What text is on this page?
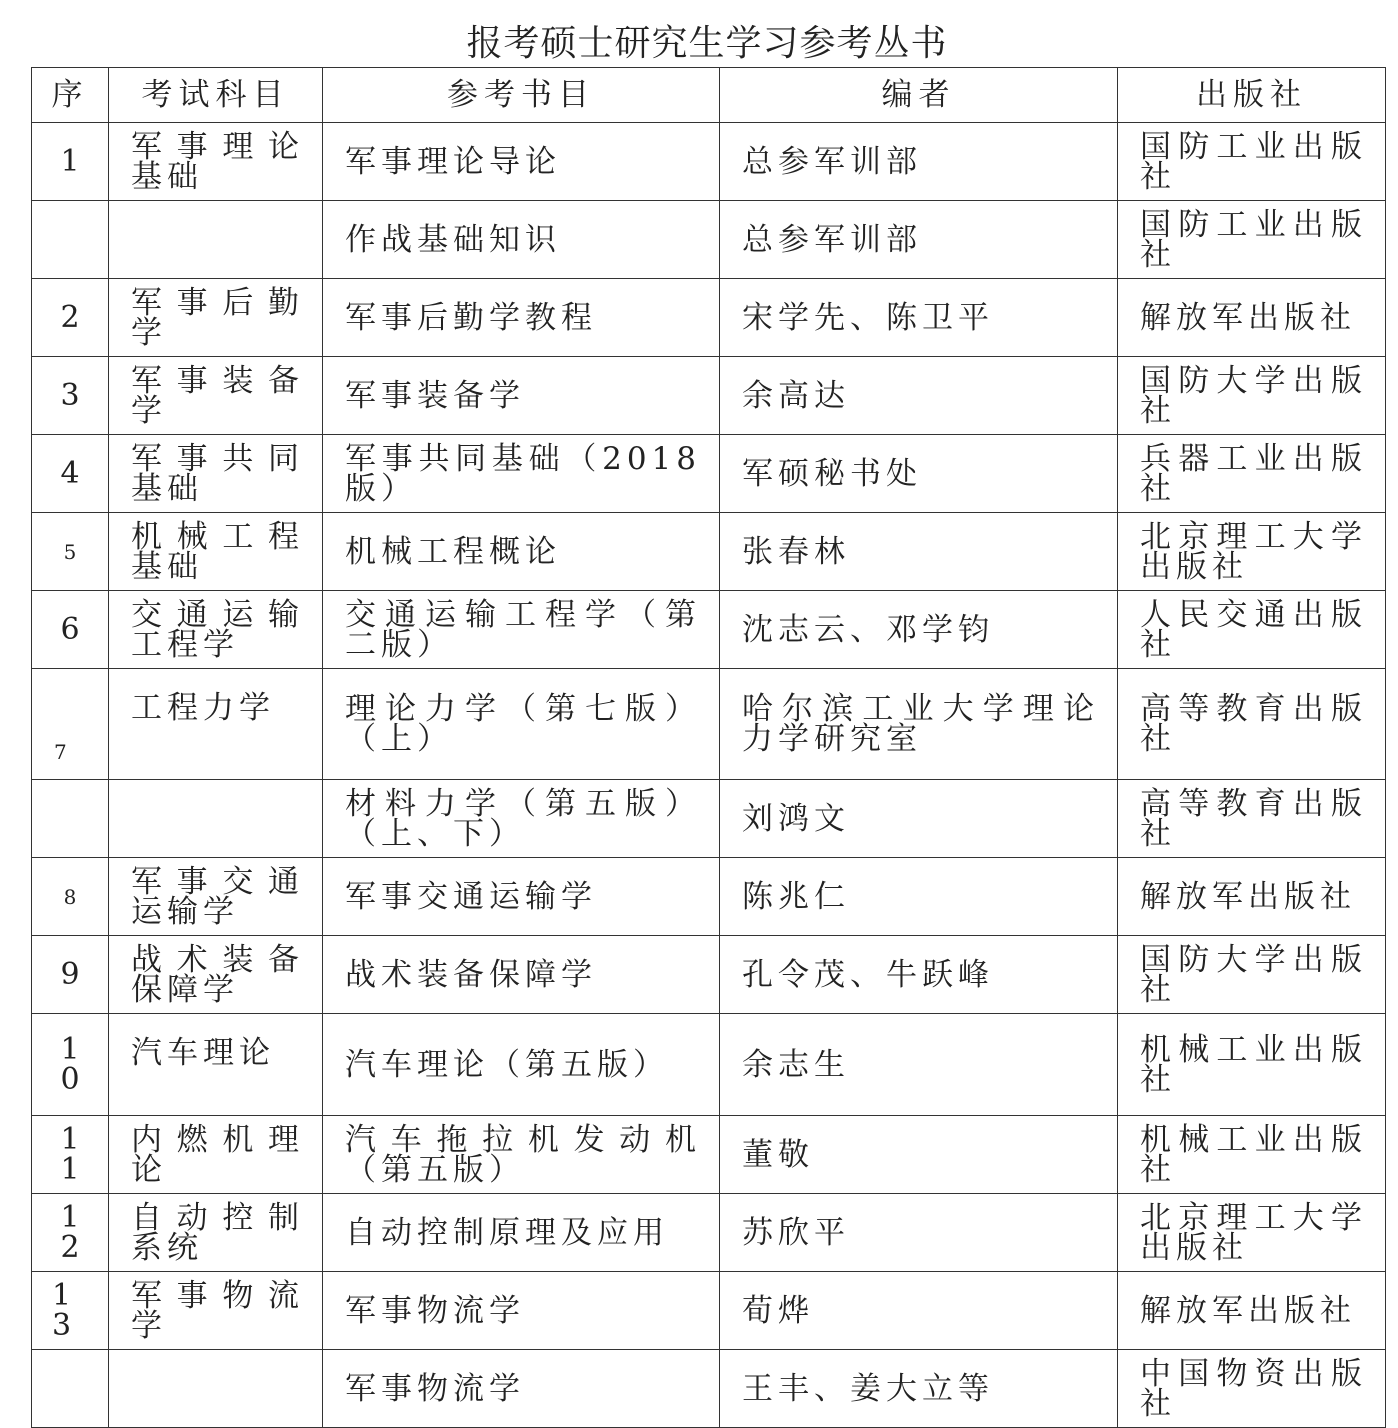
报考硕士研究生学习参考丛书
序	考试科目	参考书目	编者	出版社
1	军事理论基础	军事理论导论	总参军训部	国防工业出版社
		作战基础知识	总参军训部	国防工业出版社
2	军事后勤学	军事后勤学教程	宋学先、陈卫平	解放军出版社
3	军事装备学	军事装备学	余高达	国防大学出版社
4	军事共同基础	军事共同基础（2018版）	军硕秘书处	兵器工业出版社
5	机械工程基础	机械工程概论	张春林	北京理工大学出版社
6	交通运输工程学	交通运输工程学（第二版）	沈志云、邓学钧	人民交通出版社
7	工程力学	理论力学（第七版）（上）	哈尔滨工业大学理论力学研究室	高等教育出版社
		材料力学（第五版）（上、下）	刘鸿文	高等教育出版社
8	军事交通运输学	军事交通运输学	陈兆仁	解放军出版社
9	战术装备保障学	战术装备保障学	孔令茂、牛跃峰	国防大学出版社
10	汽车理论	汽车理论（第五版）	余志生	机械工业出版社
11	内燃机理论	汽车拖拉机发动机（第五版）	董敬	机械工业出版社
12	自动控制系统	自动控制原理及应用	苏欣平	北京理工大学出版社
13	军事物流学	军事物流学	荀烨	解放军出版社
		军事物流学	王丰、姜大立等	中国物资出版社
